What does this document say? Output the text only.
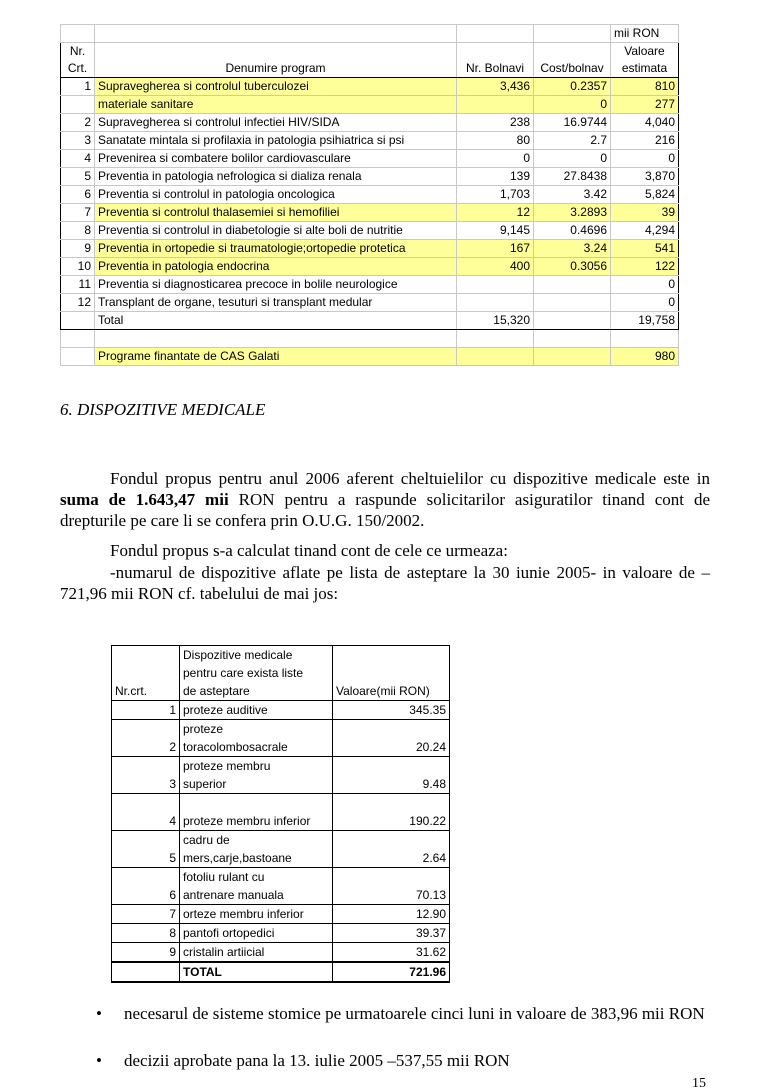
				mii RON
Nr.				Valoare
Crt.	Denumire program	Nr. Bolnavi	Cost/bolnav	estimata
1	Supravegherea si controlul tuberculozei	3,436	0.2357	810
	materiale sanitare		0	277
2	Supravegherea si controlul infectiei HIV/SIDA	238	16.9744	4,040
3	Sanatate mintala si profilaxia in patologia psihiatrica si psi	80	2.7	216
4	Prevenirea si combatere bolilor cardiovasculare	0	0	0
5	Preventia in patologia nefrologica si dializa renala	139	27.8438	3,870
6	Preventia si controlul in patologia oncologica	1,703	3.42	5,824
7	Preventia si controlul thalasemiei si hemofiliei	12	3.2893	39
8	Preventia si controlul in diabetologie si alte boli de nutritie	9,145	0.4696	4,294
9	Preventia in ortopedie si traumatologie;ortopedie protetica	167	3.24	541
10	Preventia in patologia endocrina	400	0.3056	122
11	Preventia si diagnosticarea precoce in bolile neurologice			0
12	Transplant de organe, tesuturi si transplant medular			0
	Total	15,320		19,758

	Programe finantate de CAS Galati			980
6. DISPOZITIVE MEDICALE
Fondul propus pentru anul 2006 aferent cheltuielilor cu dispozitive medicale este in suma de 1.643,47 mii RON pentru a raspunde solicitarilor asiguratilor tinand cont de drepturile pe care li se confera prin O.U.G. 150/2002.
Fondul propus s-a calculat tinand cont de cele ce urmeaza:
-numarul de dispozitive aflate pe lista de asteptare la 30 iunie 2005- in valoare de –721,96 mii RON cf. tabelului de mai jos:
Nr.crt.	Dispozitive medicale
pentru care exista liste
de asteptare	Valoare(mii RON)
1	proteze auditive	345.35
2	proteze
toracolombosacrale	20.24
3	proteze membru
superior	9.48
4	proteze membru inferior	190.22
5	cadru de
mers,carje,bastoane	2.64
6	fotoliu rulant cu
antrenare manuala	70.13
7	orteze membru inferior	12.90
8	pantofi ortopedici	39.37
9	cristalin artiicial	31.62
	TOTAL	721.96
• necesarul de sisteme stomice pe urmatoarele cinci luni in valoare de 383,96 mii RON
• decizii aprobate pana la 13. iulie 2005 –537,55 mii RON
15
